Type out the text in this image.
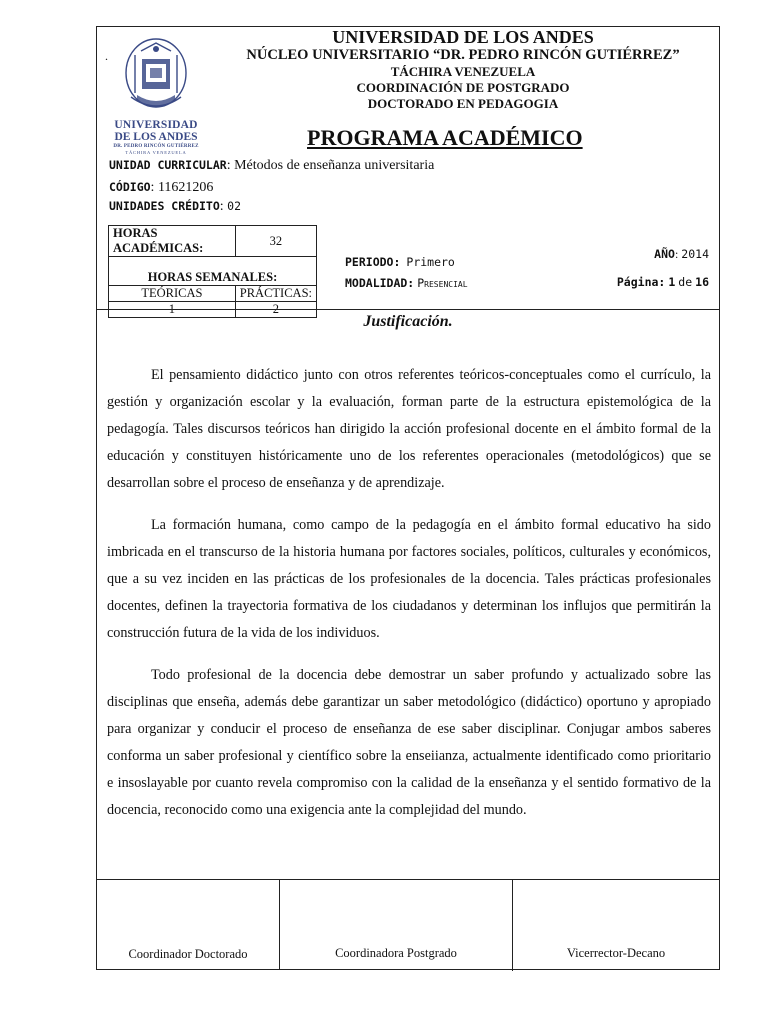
.
UNIVERSIDAD
DE LOS ANDES
DR. PEDRO RINCÓN GUTIÉRREZ
TÁCHIRA VENEZUELA
UNIVERSIDAD DE LOS ANDES
NÚCLEO UNIVERSITARIO “DR. PEDRO RINCÓN GUTIÉRREZ”
TÁCHIRA VENEZUELA
COORDINACIÓN DE POSTGRADO
DOCTORADO EN PEDAGOGIA
PROGRAMA ACADÉMICO
UNIDAD CURRICULAR: Métodos de enseñanza universitaria
CÓDIGO: 11621206
UNIDADES CRÉDITO: 02
HORAS ACADÉMICAS:	32

HORAS SEMANALES:	
TEÓRICAS	PRÁCTICAS:
1	2
PERIODO: Primero
MODALIDAD: Presencial
AÑO: 2014
Página: 1 de 16
Justificación.

El pensamiento didáctico junto con otros referentes teóricos-conceptuales como el currículo, la gestión y organización escolar y la evaluación, forman parte de la estructura epistemológica de la pedagogía. Tales discursos teóricos han dirigido la acción profesional docente en el ámbito formal de la educación y constituyen históricamente uno de los referentes operacionales (metodológicos) que se desarrollan sobre el proceso de enseñanza y de aprendizaje.

La formación humana, como campo de la pedagogía en el ámbito formal educativo ha sido imbricada en el transcurso de la historia humana por factores sociales, políticos, culturales y económicos, que a su vez inciden en las prácticas de los profesionales de la docencia. Tales prácticas profesionales docentes, definen la trayectoria formativa de los ciudadanos y determinan los influjos que permitirán la construcción futura de la vida de los individuos.

Todo profesional de la docencia debe demostrar un saber profundo y actualizado sobre las disciplinas que enseña, además debe garantizar un saber metodológico (didáctico) oportuno y apropiado para organizar y conducir el proceso de enseñanza de ese saber disciplinar. Conjugar ambos saberes conforma un saber profesional y científico sobre la enseiianza, actualmente identificado como prioritario e insoslayable por cuanto revela compromiso con la calidad de la enseñanza y el sentido formativo de la docencia, reconocido como una exigencia ante la complejidad del mundo.

Coordinador Doctorado	Coordinadora Postgrado	Vicerrector-Decano
